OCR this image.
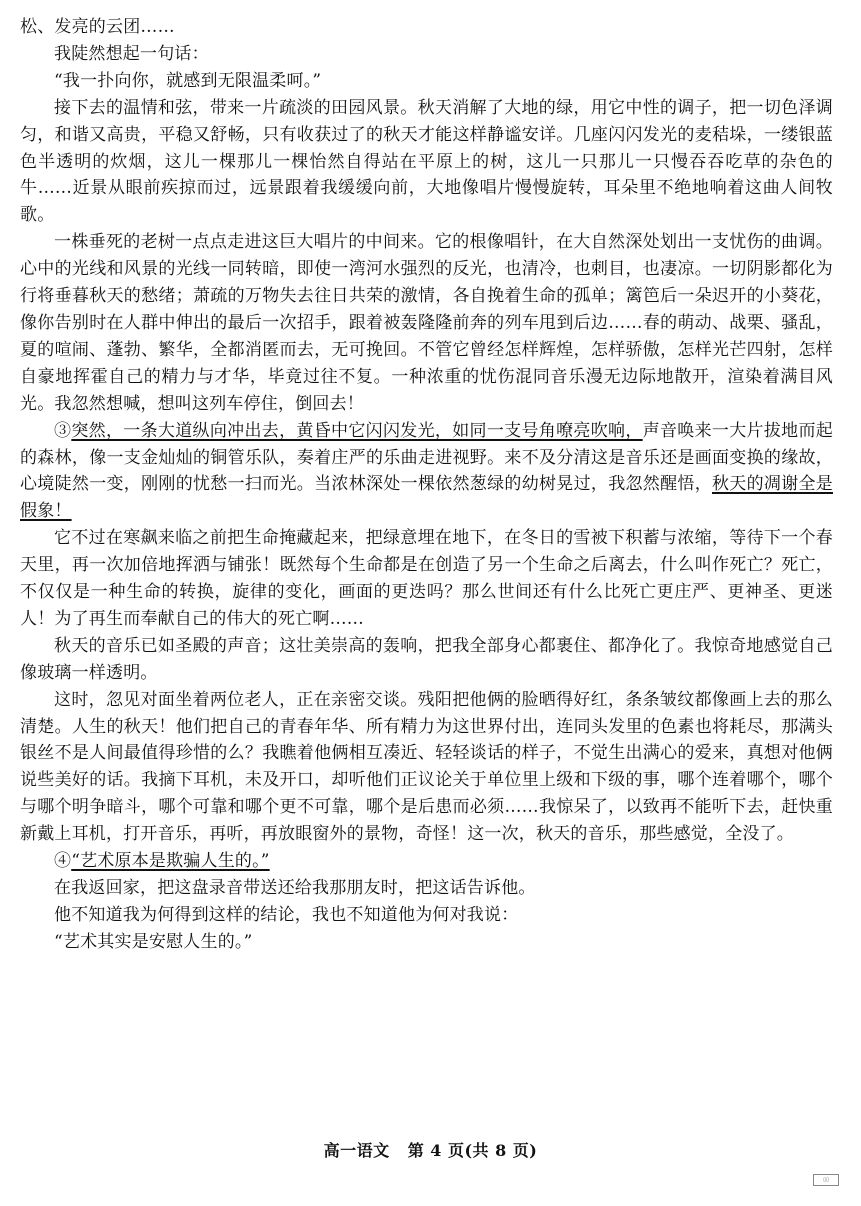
松、发亮的云团……

我陡然想起一句话：

“我一扑向你，就感到无限温柔呵。”

接下去的温情和弦，带来一片疏淡的田园风景。秋天消解了大地的绿，用它中性的调子，把一切色泽调匀，和谐又高贵，平稳又舒畅，只有收获过了的秋天才能这样静谧安详。几座闪闪发光的麦秸垛，一缕银蓝色半透明的炊烟，这儿一棵那儿一棵怡然自得站在平原上的树，这儿一只那儿一只慢吞吞吃草的杂色的牛……近景从眼前疾掠而过，远景跟着我缓缓向前，大地像唱片慢慢旋转，耳朵里不绝地响着这曲人间牧歌。

一株垂死的老树一点点走进这巨大唱片的中间来。它的根像唱针，在大自然深处划出一支忧伤的曲调。心中的光线和风景的光线一同转暗，即使一湾河水强烈的反光，也清冷，也刺目，也凄凉。一切阴影都化为行将垂暮秋天的愁绪；萧疏的万物失去往日共荣的激情，各自挽着生命的孤单；篱笆后一朵迟开的小葵花，像你告别时在人群中伸出的最后一次招手，跟着被轰隆隆前奔的列车甩到后边……春的萌动、战栗、骚乱，夏的喧闹、蓬勃、繁华，全都消匿而去，无可挽回。不管它曾经怎样辉煌，怎样骄傲，怎样光芒四射，怎样自豪地挥霍自己的精力与才华，毕竟过往不复。一种浓重的忧伤混同音乐漫无边际地散开，渲染着满目风光。我忽然想喊，想叫这列车停住，倒回去！

③突然，一条大道纵向冲出去，黄昏中它闪闪发光，如同一支号角嘹亮吹响，声音唤来一大片拔地而起的森林，像一支金灿灿的铜管乐队，奏着庄严的乐曲走进视野。来不及分清这是音乐还是画面变换的缘故，心境陡然一变，刚刚的忧愁一扫而光。当浓林深处一棵依然葱绿的幼树晃过，我忽然醒悟，秋天的凋谢全是假象！

它不过在寒飙来临之前把生命掩藏起来，把绿意埋在地下，在冬日的雪被下积蓄与浓缩，等待下一个春天里，再一次加倍地挥洒与铺张！既然每个生命都是在创造了另一个生命之后离去，什么叫作死亡？死亡，不仅仅是一种生命的转换，旋律的变化，画面的更迭吗？那么世间还有什么比死亡更庄严、更神圣、更迷人！为了再生而奉献自己的伟大的死亡啊……

秋天的音乐已如圣殿的声音；这壮美崇高的轰响，把我全部身心都裹住、都净化了。我惊奇地感觉自己像玻璃一样透明。

这时，忽见对面坐着两位老人，正在亲密交谈。残阳把他俩的脸晒得好红，条条皱纹都像画上去的那么清楚。人生的秋天！他们把自己的青春年华、所有精力为这世界付出，连同头发里的色素也将耗尽，那满头银丝不是人间最值得珍惜的么？我瞧着他俩相互凑近、轻轻谈话的样子，不觉生出满心的爱来，真想对他俩说些美好的话。我摘下耳机，未及开口，却听他们正议论关于单位里上级和下级的事，哪个连着哪个，哪个与哪个明争暗斗，哪个可靠和哪个更不可靠，哪个是后患而必须……我惊呆了，以致再不能听下去，赶快重新戴上耳机，打开音乐，再听，再放眼窗外的景物，奇怪！这一次，秋天的音乐，那些感觉，全没了。

④“艺术原本是欺骗人生的。”

在我返回家，把这盘录音带送还给我那朋友时，把这话告诉他。

他不知道我为何得到这样的结论，我也不知道他为何对我说：

“艺术其实是安慰人生的。”

高一语文 第 4 页(共 8 页)
▯▯
